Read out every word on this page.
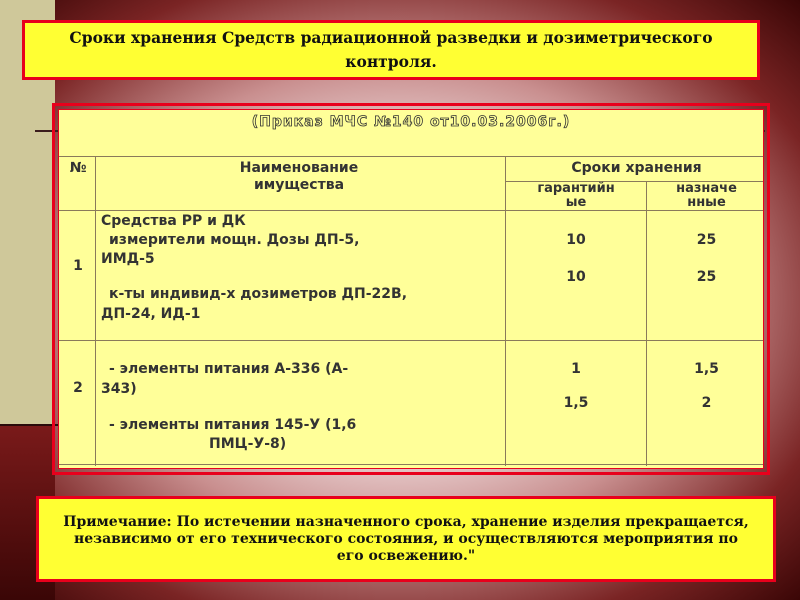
Сроки хранения Средств радиационной разведки и дозиметрического контроля.
(Приказ МЧС №140 от10.03.2006г.)
№	Наименование
имущества
Сроки хранения
гарантийн
ые
назначе
нные
1
Средства РР и ДК
измерители мощн. Дозы ДП-5,
ИМД-5
к-ты индивид-х дозиметров ДП-22В,
ДП-24, ИД-1
10
10
25
25
2
- элементы питания А-336 (А-
343)
- элементы питания 145-У (1,6
ПМЦ-У-8)
1
1,5
1,5
2
Примечание: По истечении назначенного срока, хранение изделия прекращается, независимо от его технического состояния, и осуществляются мероприятия по его освежению."
